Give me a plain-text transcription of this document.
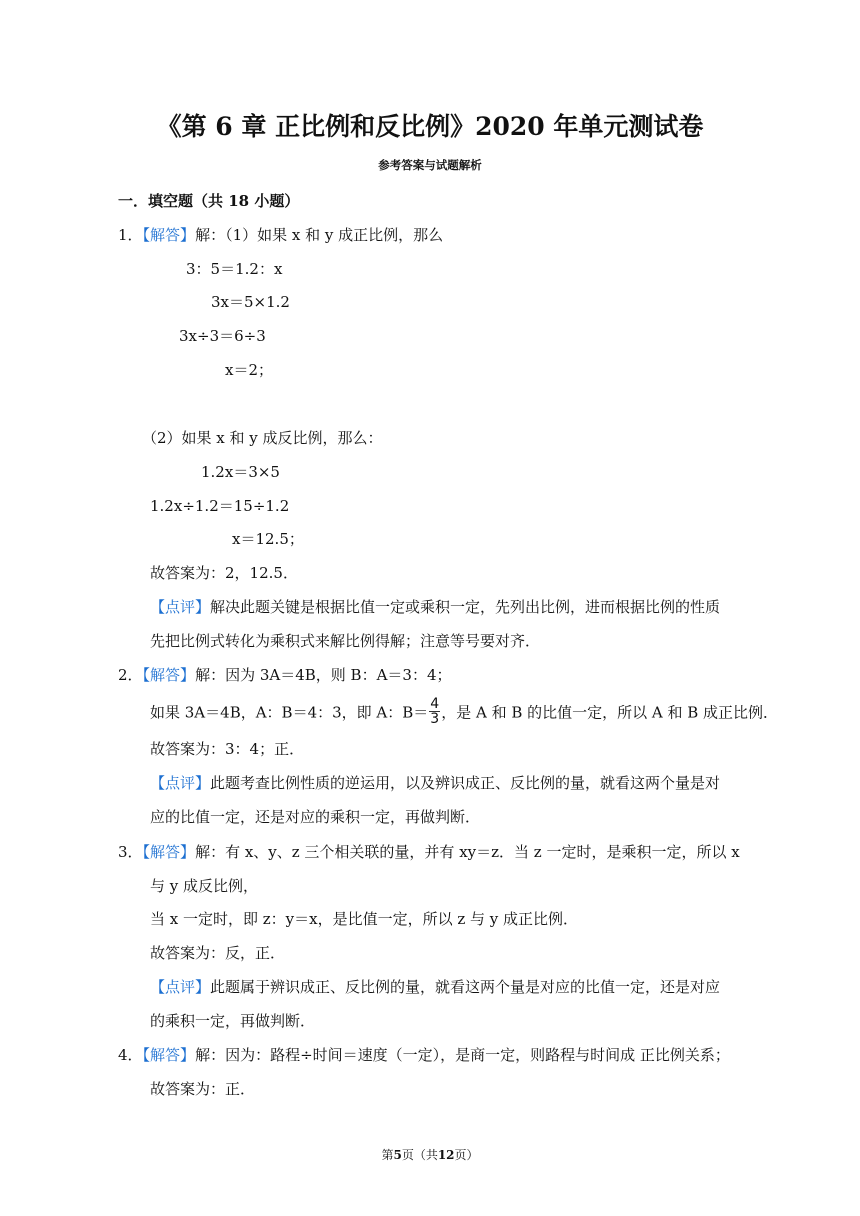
《第 6 章 正比例和反比例》2020 年单元测试卷
参考答案与试题解析
一．填空题（共 18 小题）
1．【解答】解：（1）如果 x 和 y 成正比例，那么
3：5＝1.2：x
3x＝5×1.2
3x÷3＝6÷3
x＝2；
（2）如果 x 和 y 成反比例，那么：
1.2x＝3×5
1.2x÷1.2＝15÷1.2
x＝12.5；
故答案为：2，12.5．
【点评】解决此题关键是根据比值一定或乘积一定，先列出比例，进而根据比例的性质
先把比例式转化为乘积式来解比例得解；注意等号要对齐．
2．【解答】解：因为 3A＝4B，则 B：A＝3：4；
如果 3A＝4B，A：B＝4：3，即 A：$B= \frac{4}{3}$ ，是 A 和 B 的比值一定，所以 A 和 B 成正比例．
故答案为：3：4；正．
【点评】此题考查比例性质的逆运用，以及辨识成正、反比例的量，就看这两个量是对
应的比值一定，还是对应的乘积一定，再做判断．
3．【解答】解：有 x、y、z 三个相关联的量，并有 xy＝z．当 z 一定时，是乘积一定，所以 x
与 y 成反比例，
当 x 一定时，即 z：y＝x，是比值一定，所以 z 与 y 成正比例．
故答案为：反，正．
【点评】此题属于辨识成正、反比例的量，就看这两个量是对应的比值一定，还是对应
的乘积一定，再做判断．
4．【解答】解：因为：路程÷时间＝速度（一定），是商一定，则路程与时间成 正比例关系；
故答案为：正．
第5页（共12页）
